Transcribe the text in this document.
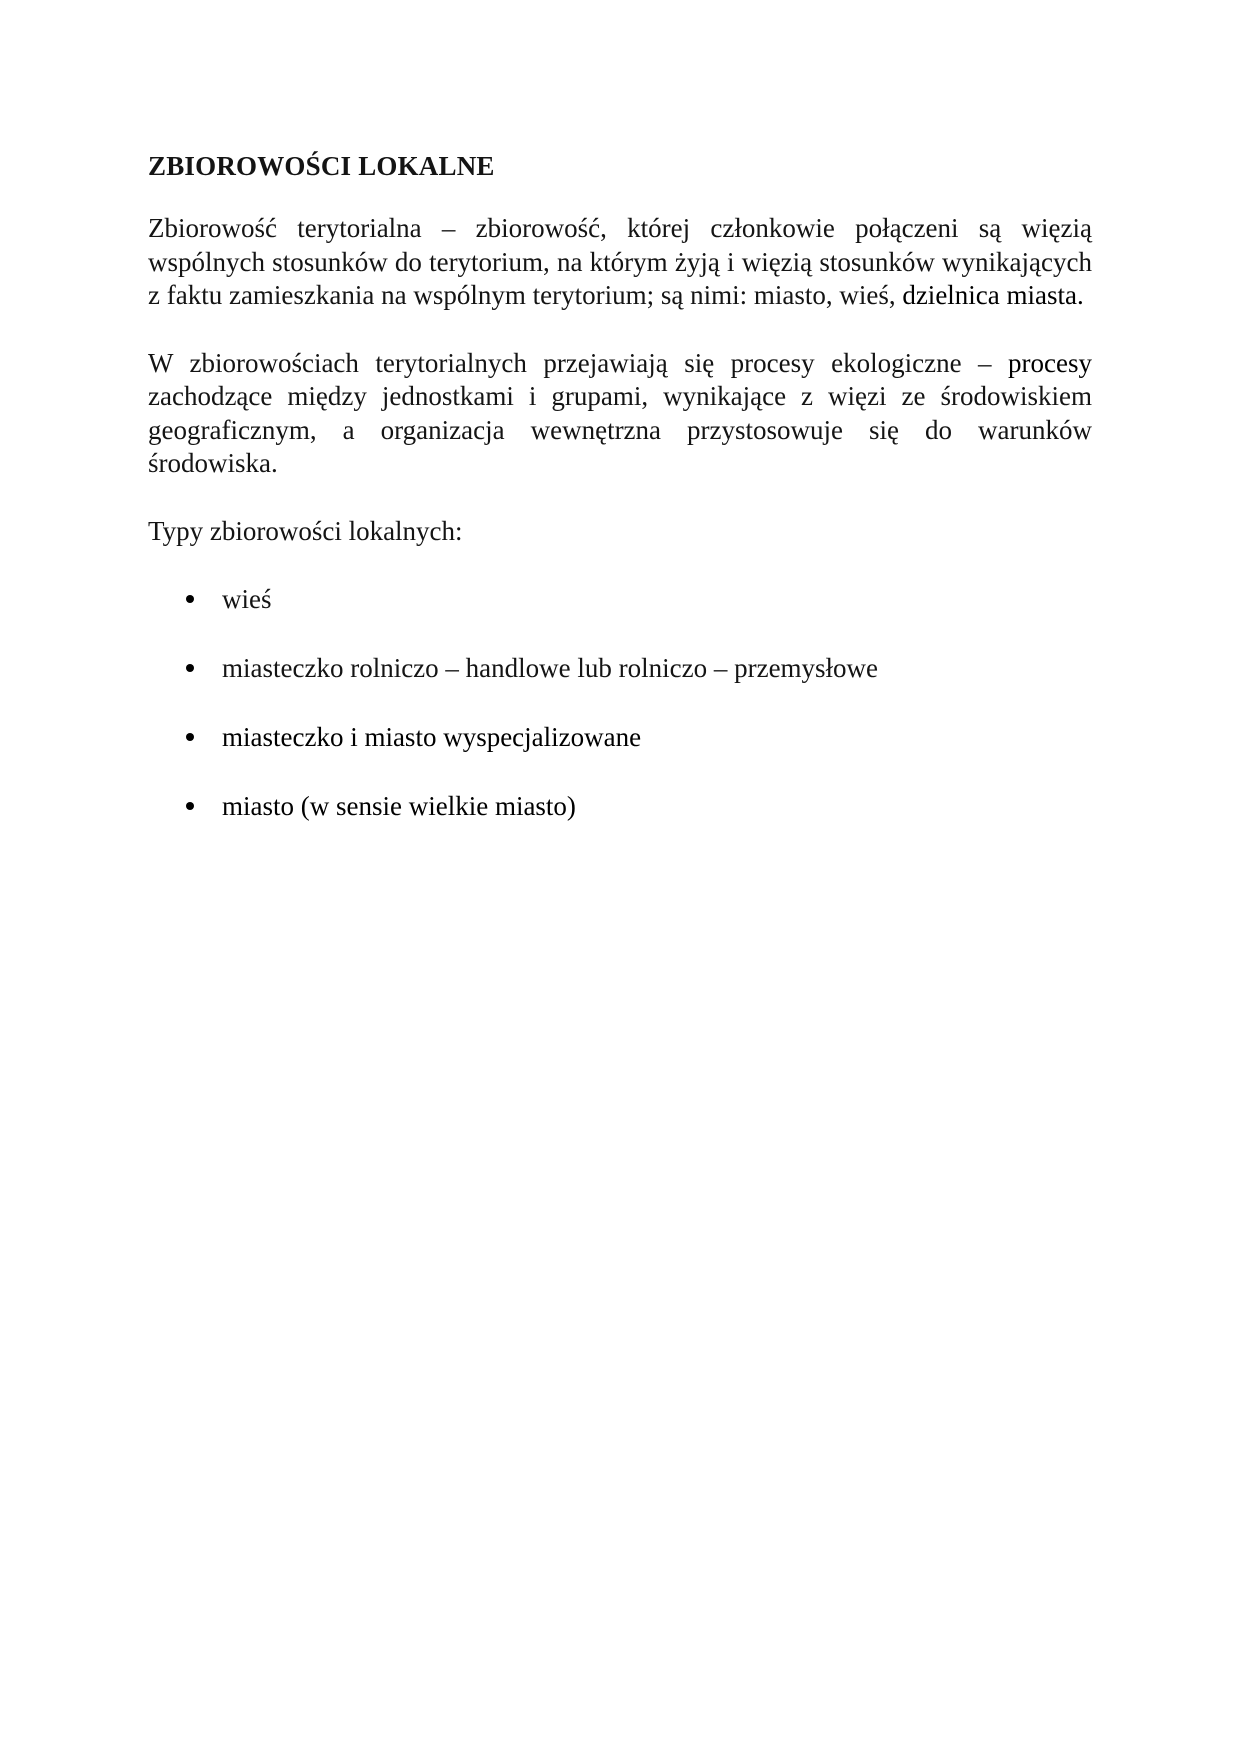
ZBIOROWOŚCI LOKALNE

Zbiorowość terytorialna – zbiorowość, której członkowie połączeni są więzią wspólnych stosunków do terytorium, na którym żyją i więzią stosunków wynikających z faktu zamieszkania na wspólnym terytorium; są nimi: miasto, wieś, dzielnica miasta.

W zbiorowościach terytorialnych przejawiają się procesy ekologiczne – procesy zachodzące między jednostkami i grupami, wynikające z więzi ze środowiskiem geograficznym, a organizacja wewnętrzna przystosowuje się do warunków środowiska.

Typy zbiorowości lokalnych:

wieś
miasteczko rolniczo – handlowe lub rolniczo – przemysłowe
miasteczko i miasto wyspecjalizowane
miasto (w sensie wielkie miasto)
